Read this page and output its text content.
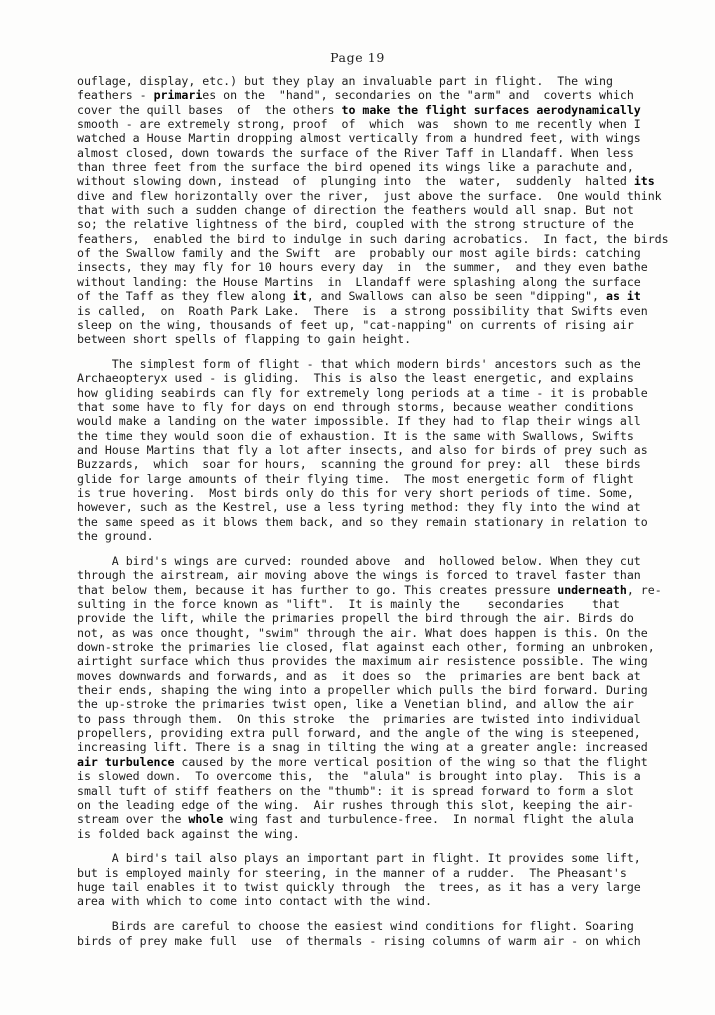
Page 19
ouflage, display, etc.) but they play an invaluable part in flight.  The wing
feathers - primaries on the  "hand", secondaries on the "arm" and  coverts which
cover the quill bases  of  the others to make the flight surfaces aerodynamically
smooth - are extremely strong, proof  of  which  was  shown to me recently when I
watched a House Martin dropping almost vertically from a hundred feet, with wings
almost closed, down towards the surface of the River Taff in Llandaff. When less
than three feet from the surface the bird opened its wings like a parachute and,
without slowing down, instead  of  plunging into  the  water,  suddenly  halted its
dive and flew horizontally over the river,  just above the surface.  One would think
that with such a sudden change of direction the feathers would all snap. But not
so; the relative lightness of the bird, coupled with the strong structure of the
feathers,  enabled the bird to indulge in such daring acrobatics.  In fact, the birds
of the Swallow family and the Swift  are  probably our most agile birds: catching
insects, they may fly for 10 hours every day  in  the summer,  and they even bathe
without landing: the House Martins  in  Llandaff were splashing along the surface
of the Taff as they flew along it, and Swallows can also be seen "dipping", as it
is called,  on  Roath Park Lake.  There  is  a strong possibility that Swifts even
sleep on the wing, thousands of feet up, "cat-napping" on currents of rising air
between short spells of flapping to gain height.
The simplest form of flight - that which modern birds' ancestors such as the
Archaeopteryx used - is gliding.  This is also the least energetic, and explains
how gliding seabirds can fly for extremely long periods at a time - it is probable
that some have to fly for days on end through storms, because weather conditions
would make a landing on the water impossible. If they had to flap their wings all
the time they would soon die of exhaustion. It is the same with Swallows, Swifts
and House Martins that fly a lot after insects, and also for birds of prey such as
Buzzards,  which  soar for hours,  scanning the ground for prey: all  these birds
glide for large amounts of their flying time.  The most energetic form of flight
is true hovering.  Most birds only do this for very short periods of time. Some,
however, such as the Kestrel, use a less tyring method: they fly into the wind at
the same speed as it blows them back, and so they remain stationary in relation to
the ground.
A bird's wings are curved: rounded above  and  hollowed below. When they cut
through the airstream, air moving above the wings is forced to travel faster than
that below them, because it has further to go. This creates pressure underneath, re-
sulting in the force known as "lift".  It is mainly the    secondaries    that
provide the lift, while the primaries propell the bird through the air. Birds do
not, as was once thought, "swim" through the air. What does happen is this. On the
down-stroke the primaries lie closed, flat against each other, forming an unbroken,
airtight surface which thus provides the maximum air resistence possible. The wing
moves downwards and forwards, and as  it does so  the  primaries are bent back at
their ends, shaping the wing into a propeller which pulls the bird forward. During
the up-stroke the primaries twist open, like a Venetian blind, and allow the air
to pass through them.  On this stroke  the  primaries are twisted into individual
propellers, providing extra pull forward, and the angle of the wing is steepened,
increasing lift. There is a snag in tilting the wing at a greater angle: increased
air turbulence caused by the more vertical position of the wing so that the flight
is slowed down.  To overcome this,  the  "alula" is brought into play.  This is a
small tuft of stiff feathers on the "thumb": it is spread forward to form a slot
on the leading edge of the wing.  Air rushes through this slot, keeping the air-
stream over the whole wing fast and turbulence-free.  In normal flight the alula
is folded back against the wing.
A bird's tail also plays an important part in flight. It provides some lift,
but is employed mainly for steering, in the manner of a rudder.  The Pheasant's
huge tail enables it to twist quickly through  the  trees, as it has a very large
area with which to come into contact with the wind.
Birds are careful to choose the easiest wind conditions for flight. Soaring
birds of prey make full  use  of thermals - rising columns of warm air - on which
